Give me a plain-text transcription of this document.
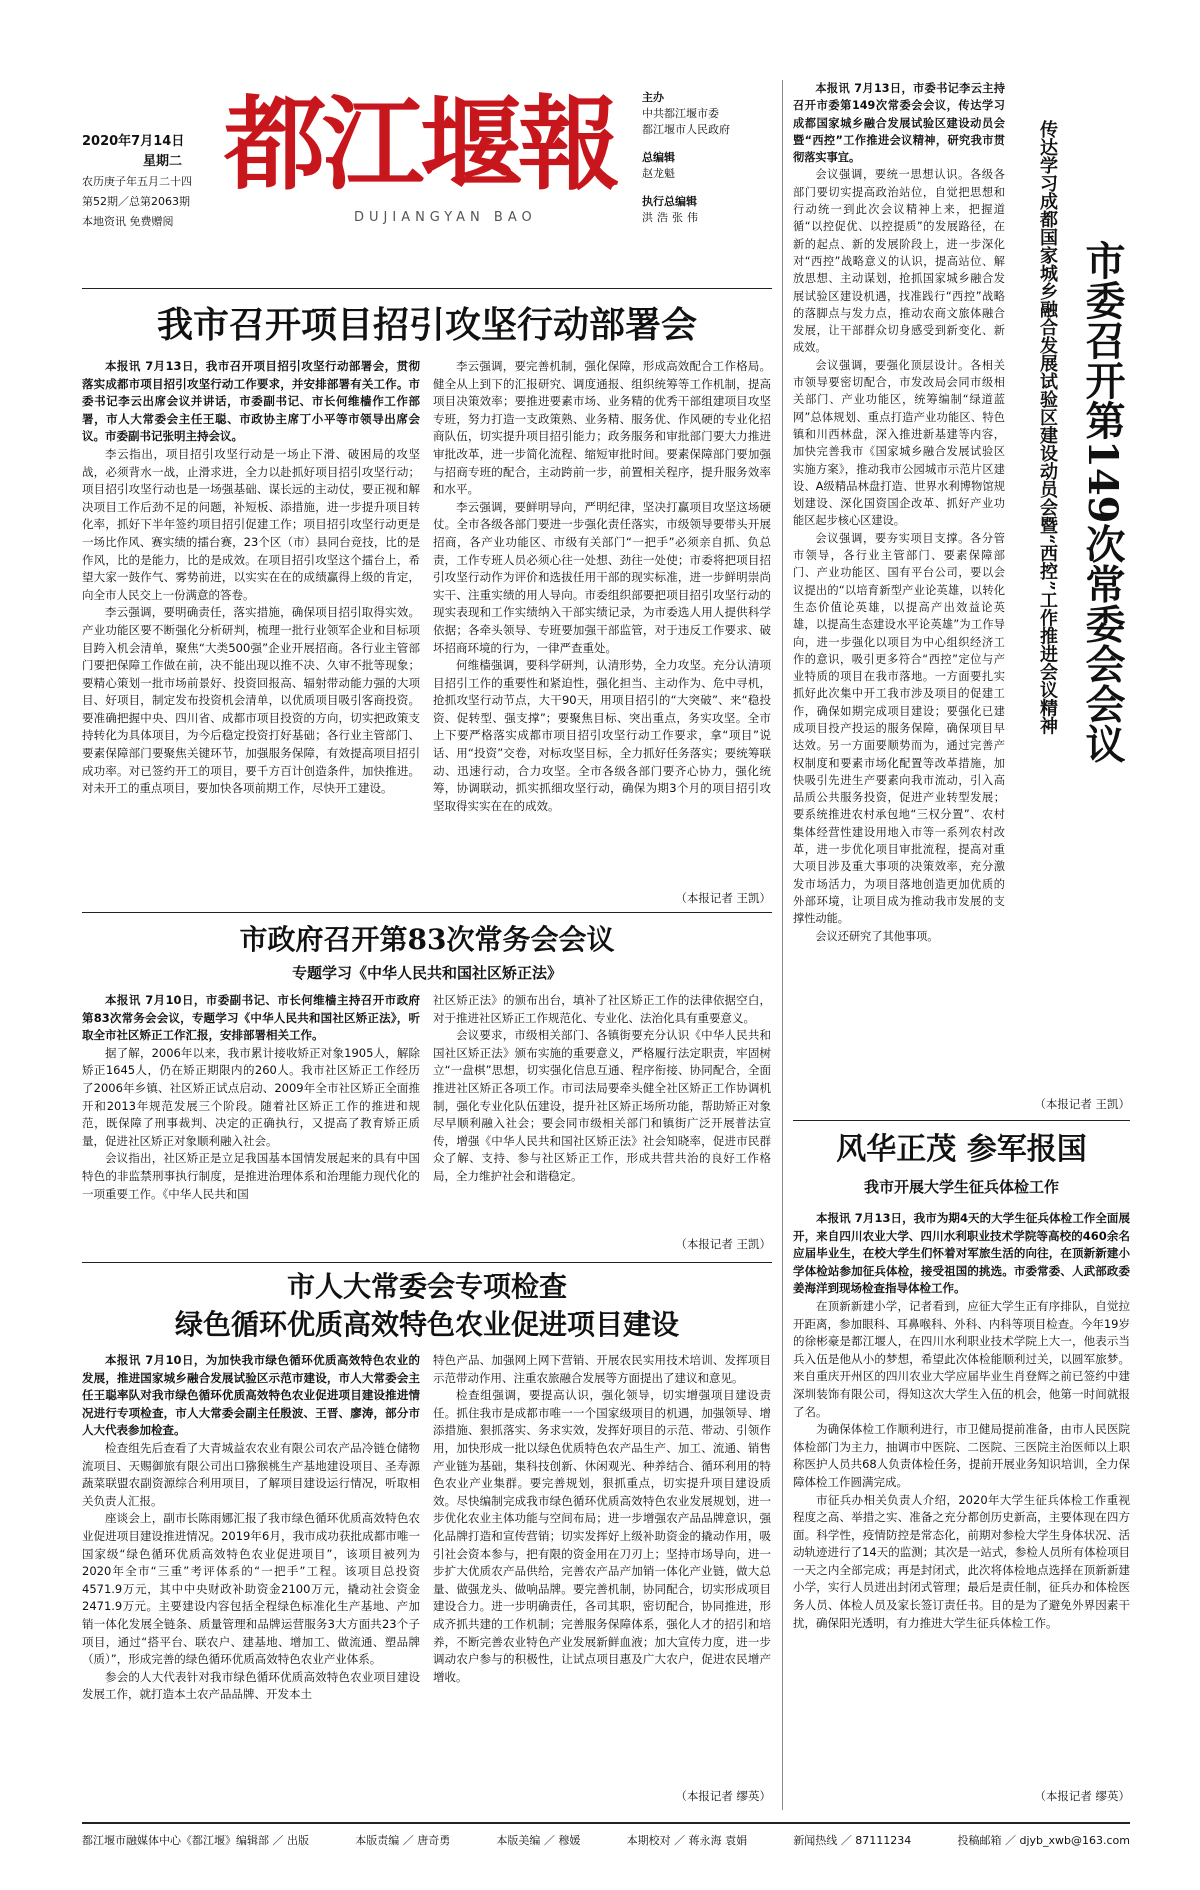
2020年7月14日
星期二
农历庚子年五月二十四
第52期／总第2063期
本地资讯 免费赠阅
都江堰報
DUJIANGYAN BAO
主办
中共都江堰市委
都江堰市人民政府
总编辑
赵龙魁
执行总编辑
洪浩张伟
我市召开项目招引攻坚行动部署会

本报讯 7月13日，我市召开项目招引攻坚行动部署会，贯彻落实成都市项目招引攻坚行动工作要求，并安排部署有关工作。市委书记李云出席会议并讲话，市委副书记、市长何维樯作工作部署，市人大常委会主任王聪、市政协主席丁小平等市领导出席会议。市委副书记张明主持会议。

李云指出，项目招引攻坚行动是一场止下滑、破困局的攻坚战，必须背水一战，止滑求进，全力以赴抓好项目招引攻坚行动；项目招引攻坚行动也是一场强基础、谋长远的主动仗，要正视和解决项目工作后劲不足的问题，补短板、添措施，进一步提升项目转化率，抓好下半年签约项目招引促建工作；项目招引攻坚行动更是一场比作风、赛实绩的擂台赛，23个区（市）县同台竞技，比的是作风，比的是能力，比的是成效。在项目招引攻坚这个擂台上，希望大家一鼓作气、雾势前进，以实实在在的成绩赢得上级的肯定，向全市人民交上一份满意的答卷。

李云强调，要明确责任，落实措施，确保项目招引取得实效。产业功能区要不断强化分析研判，梳理一批行业领军企业和目标项目跨入机会清单，聚焦“大类500强”企业开展招商。各行业主管部门要把保障工作做在前，决不能出现以推不决、久审不批等现象；要精心策划一批市场前景好、投资回报高、辐射带动能力强的大项目、好项目，制定发布投资机会清单，以优质项目吸引客商投资。要准确把握中央、四川省、成都市项目投资的方向，切实把政策支持转化为具体项目，为今后稳定投资打好基础；各行业主管部门、要素保障部门要聚焦关键环节，加强服务保障，有效提高项目招引成功率。对已签约开工的项目，要千方百计创造条件，加快推进。对未开工的重点项目，要加快各项前期工作，尽快开工建设。

李云强调，要完善机制，强化保障，形成高效配合工作格局。健全从上到下的汇报研究、调度通报、组织统筹等工作机制，提高项目决策效率；要推进要素市场、业务精的优秀干部组建项目攻坚专班，努力打造一支政策熟、业务精、服务优、作风硬的专业化招商队伍，切实提升项目招引能力；政务服务和审批部门要大力推进审批改革，进一步简化流程、缩短审批时间。要素保障部门要加强与招商专班的配合，主动跨前一步，前置相关程序，提升服务效率和水平。

李云强调，要鲜明导向，严明纪律，坚决打赢项目攻坚这场硬仗。全市各级各部门要进一步强化责任落实，市级领导要带头开展招商，各产业功能区、市级有关部门“一把手”必须亲自抓、负总责，工作专班人员必须心往一处想、劲往一处使；市委将把项目招引攻坚行动作为评价和选拔任用干部的现实标准，进一步鲜明崇尚实干、注重实绩的用人导向。市委组织部要把项目招引攻坚行动的现实表现和工作实绩纳入干部实绩记录，为市委选人用人提供科学依据；各牵头领导、专班要加强干部监管，对于违反工作要求、破坏招商环境的行为，一律严查重处。

何维樯强调，要科学研判，认清形势，全力攻坚。充分认清项目招引工作的重要性和紧迫性，强化担当、主动作为、危中寻机，抢抓攻坚行动节点，大干90天，用项目招引的“大突破”、来“稳投资、促转型、强支撑”；要聚焦目标、突出重点，务实攻坚。全市上下要严格落实成都市项目招引攻坚行动工作要求，拿“项目”说话、用“投资”交卷，对标攻坚目标，全力抓好任务落实；要统筹联动、迅速行动，合力攻坚。全市各级各部门要齐心协力，强化统筹，协调联动，抓实抓细攻坚行动，确保为期3个月的项目招引攻坚取得实实在在的成效。

（本报记者 王凯）
市政府召开第83次常务会会议
专题学习《中华人民共和国社区矫正法》

本报讯 7月10日，市委副书记、市长何维樯主持召开市政府第83次常务会会议，专题学习《中华人民共和国社区矫正法》，听取全市社区矫正工作汇报，安排部署相关工作。

据了解，2006年以来，我市累计接收矫正对象1905人，解除矫正1645人，仍在矫正期限内的260人。我市社区矫正工作经历了2006年乡镇、社区矫正试点启动、2009年全市社区矫正全面推开和2013年规范发展三个阶段。随着社区矫正工作的推进和规范，既保障了刑事裁判、决定的正确执行，又提高了教育矫正质量，促进社区矫正对象顺利融入社会。

会议指出，社区矫正是立足我国基本国情发展起来的具有中国特色的非监禁刑事执行制度，是推进治理体系和治理能力现代化的一项重要工作。《中华人民共和国

社区矫正法》的颁布出台，填补了社区矫正工作的法律依据空白，对于推进社区矫正工作规范化、专业化、法治化具有重要意义。

会议要求，市级相关部门、各镇街要充分认识《中华人民共和国社区矫正法》颁布实施的重要意义，严格履行法定职责，牢固树立“一盘棋”思想，切实强化信息互通、程序衔接、协同配合，全面推进社区矫正各项工作。市司法局要牵头健全社区矫正工作协调机制，强化专业化队伍建设，提升社区矫正场所功能，帮助矫正对象尽早顺利融入社会；要会同市级相关部门和镇街广泛开展普法宣传，增强《中华人民共和国社区矫正法》社会知晓率，促进市民群众了解、支持、参与社区矫正工作，形成共营共治的良好工作格局，全力维护社会和谐稳定。

（本报记者 王凯）
市人大常委会专项检查
绿色循环优质高效特色农业促进项目建设

本报讯 7月10日，为加快我市绿色循环优质高效特色农业的发展，推进国家城乡融合发展试验区示范市建设，市人大常委会主任王聪率队对我市绿色循环优质高效特色农业促进项目建设推进情况进行专项检查，市人大常委会副主任殷波、王晋、廖涛，部分市人大代表参加检查。

检查组先后查看了大青城益农农业有限公司农产品冷链仓储物流项目、天赐御旅有限公司出口猕猴桃生产基地建设项目、圣寿源蔬菜联盟农副资源综合利用项目，了解项目建设运行情况，听取相关负责人汇报。

座谈会上，副市长陈雨娜汇报了我市绿色循环优质高效特色农业促进项目建设推进情况。2019年6月，我市成功获批成都市唯一国家级“绿色循环优质高效特色农业促进项目”，该项目被列为2020年全市“三重”考评体系的“一把手”工程。该项目总投资4571.9万元，其中中央财政补助资金2100万元，撬动社会资金2471.9万元。主要建设内容包括全程绿色标准化生产基地、产加销一体化发展全链条、质量管理和品牌运营服务3大方面共23个子项目，通过“搭平台、联农户、建基地、增加工、做流通、塑品牌（质）”，形成完善的绿色循环优质高效特色农业产业体系。

参会的人大代表针对我市绿色循环优质高效特色农业项目建设发展工作，就打造本土农产品品牌、开发本土

特色产品、加强网上网下营销、开展农民实用技术培训、发挥项目示范带动作用、注重农旅融合发展等方面提出了建议和意见。

检查组强调，要提高认识，强化领导，切实增强项目建设责任。抓住我市是成都市唯一一个国家级项目的机遇，加强领导、增添措施、狠抓落实、务求实效，发挥好项目的示范、带动、引领作用，加快形成一批以绿色优质特色农产品生产、加工、流通、销售产业链为基础，集科技创新、休闲观光、种养结合、循环利用的特色农业产业集群。要完善规划，狠抓重点，切实提升项目建设质效。尽快编制完成我市绿色循环优质高效特色农业发展规划，进一步优化农业主体功能与空间布局；进一步增强农产品品牌意识，强化品牌打造和宣传营销；切实发挥好上级补助资金的撬动作用，吸引社会资本参与，把有限的资金用在刀刃上；坚持市场导向，进一步扩大优质农产品供给，完善农产品产加销一体化产业链，做大总量、做强龙头、做响品牌。要完善机制，协同配合，切实形成项目建设合力。进一步明确责任，各司其职，密切配合，协同推进，形成齐抓共建的工作机制；完善服务保障体系，强化人才的招引和培养，不断完善农业特色产业发展新鲜血液；加大宣传力度，进一步调动农户参与的积极性，让试点项目惠及广大农户，促进农民增产增收。

（本报记者 缪英）

本报讯 7月13日，市委书记李云主持召开市委第149次常委会会议，传达学习成都国家城乡融合发展试验区建设动员会暨“西控”工作推进会议精神，研究我市贯彻落实事宜。

会议强调，要统一思想认识。各级各部门要切实提高政治站位，自觉把思想和行动统一到此次会议精神上来，把握道循“以控促优、以控提质”的发展路径，在新的起点、新的发展阶段上，进一步深化对“西控”战略意义的认识，提高站位、解放思想、主动谋划，抢抓国家城乡融合发展试验区建设机遇，找准践行“西控”战略的落脚点与发力点，推动农商文旅体融合发展，让干部群众切身感受到新变化、新成效。

会议强调，要强化顶层设计。各相关市领导要密切配合，市发改局会同市级相关部门、产业功能区，统筹编制“绿道蓝网”总体规划、重点打造产业功能区、特色镇和川西林盘，深入推进新基建等内容，加快完善我市《国家城乡融合发展试验区实施方案》，推动我市公园城市示范片区建设、A级精品林盘打造、世界水利博物馆规划建设、深化国资国企改革、抓好产业功能区起步核心区建设。

会议强调，要夯实项目支撑。各分管市领导，各行业主管部门、要素保障部门、产业功能区、国有平台公司，要以会议提出的“以培育新型产业论英雄，以转化生态价值论英雄，以提高产出效益论英雄，以提高生态建设水平论英雄”为工作导向，进一步强化以项目为中心组织经济工作的意识，吸引更多符合“西控”定位与产业特质的项目在我市落地。一方面要扎实抓好此次集中开工我市涉及项目的促建工作，确保如期完成项目建设；要强化已建成项目投产投运的服务保障，确保项目早达效。另一方面要顺势而为，通过完善产权制度和要素市场化配置等改革措施，加快吸引先进生产要素向我市流动，引入高品质公共服务投资，促进产业转型发展；要系统推进农村承包地“三权分置”、农村集体经营性建设用地入市等一系列农村改革，进一步优化项目审批流程，提高对重大项目涉及重大事项的决策效率，充分激发市场活力，为项目落地创造更加优质的外部环境，让项目成为推动我市发展的支撑性动能。

会议还研究了其他事项。

传达学习成都国家城乡融合发展试验区建设动员会暨“西控”工作推进会议精神 市委召开第149次常委会会议
（本报记者 王凯）
风华正茂 参军报国
我市开展大学生征兵体检工作

本报讯 7月13日，我市为期4天的大学生征兵体检工作全面展开，来自四川农业大学、四川水利职业技术学院等高校的460余名应届毕业生，在校大学生们怀着对军旅生活的向往，在顶新新建小学体检站参加征兵体检，接受祖国的挑选。市委常委、人武部政委姜海洋到现场检查指导体检工作。

在顶新新建小学，记者看到，应征大学生正有序排队，自觉拉开距离，参加眼科、耳鼻喉科、外科、内科等项目检查。今年19岁的徐彬豪是都江堰人，在四川水利职业技术学院上大一，他表示当兵入伍是他从小的梦想，希望此次体检能顺利过关，以圆军旅梦。来自重庆开州区的四川农业大学应届毕业生肖登辉之前已签约中建深圳装饰有限公司，得知这次大学生入伍的机会，他第一时间就报了名。

为确保体检工作顺利进行，市卫健局提前准备，由市人民医院体检部门为主力，抽调市中医院、二医院、三医院主治医师以上职称医护人员共68人负责体检任务，提前开展业务知识培训，全力保障体检工作圆满完成。

市征兵办相关负责人介绍，2020年大学生征兵体检工作重视程度之高、举措之实、准备之充分都创历史新高，主要体现在四方面。科学性，疫情防控是常态化，前期对参检大学生身体状况、活动轨迹进行了14天的监测；其次是一站式，参检人员所有体检项目一天之内全部完成；再是封闭式，此次将体检地点选择在顶新新建小学，实行人员进出封闭式管理；最后是责任制，征兵办和体检医务人员、体检人员及家长签订责任书。目的是为了避免外界因素干扰，确保阳光透明，有力推进大学生征兵体检工作。

（本报记者 缪英）
都江堰市融媒体中心《都江堰》编辑部 ／ 出版	本版责编 ／ 唐奇勇	本版美编 ／ 穆媛	本期校对 ／ 蒋永海 袁娟	新闻热线 ／ 87111234	投稿邮箱 ／ djyb_xwb@163.com
